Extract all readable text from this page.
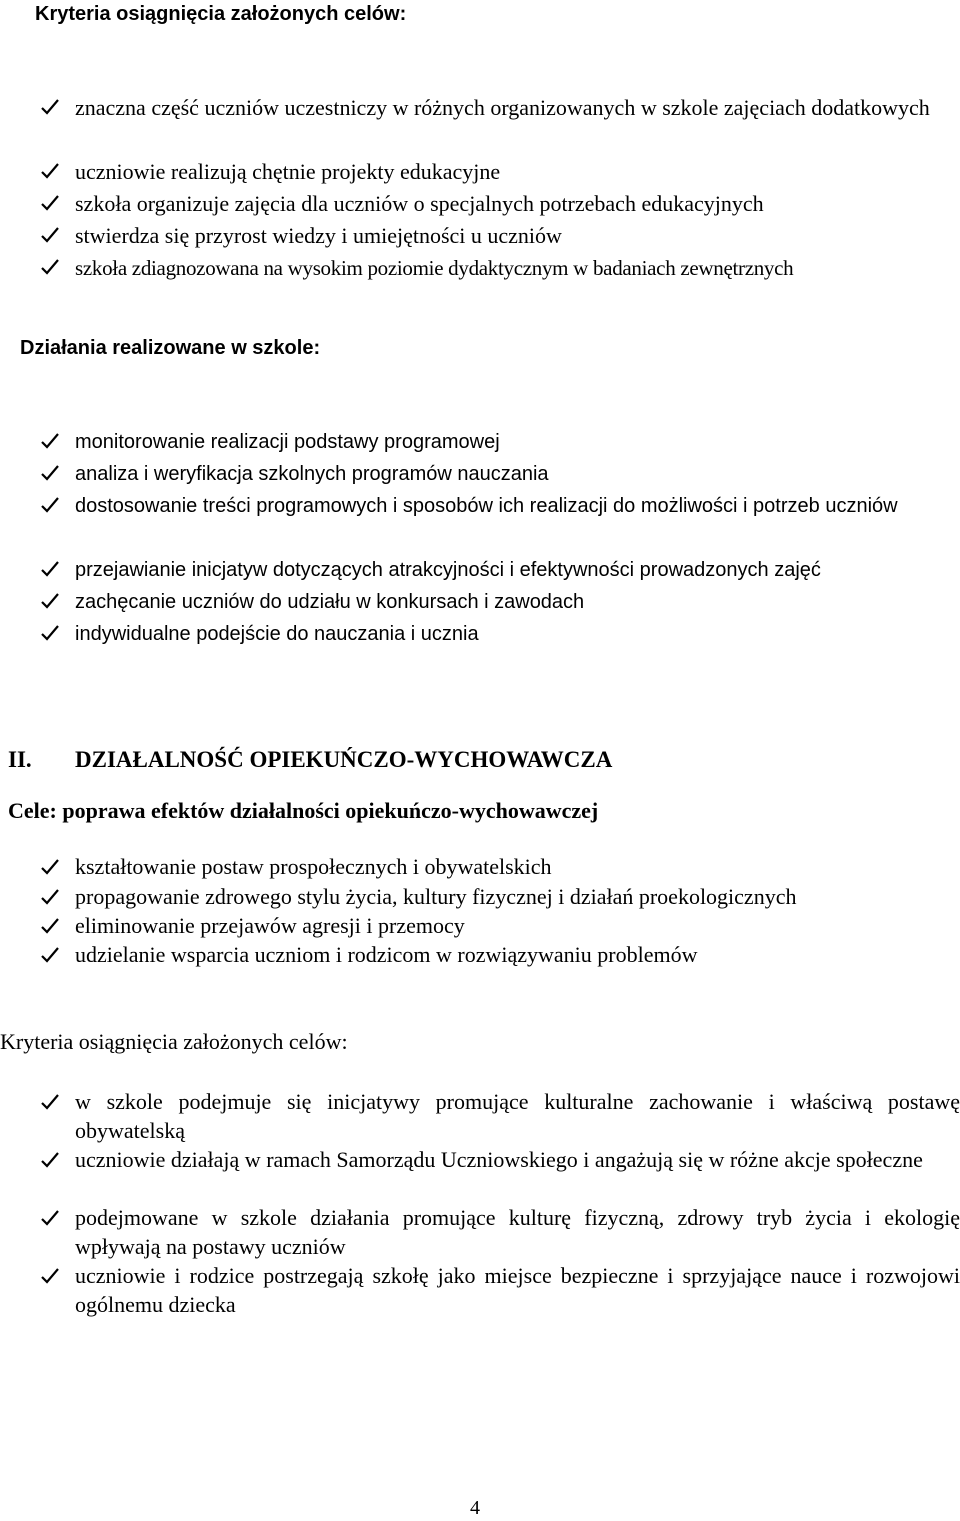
Kryteria osiągnięcia założonych celów:
znaczna część uczniów uczestniczy w różnych organizowanych w szkole zajęciach dodatkowych
uczniowie realizują chętnie projekty edukacyjne
szkoła organizuje zajęcia dla uczniów o specjalnych potrzebach edukacyjnych
stwierdza się przyrost wiedzy i umiejętności u uczniów
szkoła zdiagnozowana na wysokim poziomie dydaktycznym w badaniach zewnętrznych
Działania realizowane w szkole:
monitorowanie realizacji podstawy programowej
analiza i weryfikacja szkolnych programów nauczania
dostosowanie treści programowych i sposobów ich realizacji do możliwości i potrzeb uczniów
przejawianie inicjatyw dotyczących atrakcyjności i efektywności prowadzonych zajęć
zachęcanie uczniów do udziału w konkursach i zawodach
indywidualne podejście do nauczania i ucznia
II. DZIAŁALNOŚĆ OPIEKUŃCZO-WYCHOWAWCZA
Cele: poprawa efektów działalności opiekuńczo-wychowawczej
kształtowanie postaw prospołecznych i obywatelskich
propagowanie zdrowego stylu życia, kultury fizycznej i działań proekologicznych
eliminowanie przejawów agresji i przemocy
udzielanie wsparcia uczniom i rodzicom w rozwiązywaniu problemów
Kryteria osiągnięcia założonych celów:
w szkole podejmuje się inicjatywy promujące kulturalne zachowanie i właściwą postawę obywatelską
uczniowie działają w ramach Samorządu Uczniowskiego i angażują się w różne akcje społeczne
podejmowane w szkole działania promujące kulturę fizyczną, zdrowy tryb życia i ekologię wpływają na postawy uczniów
uczniowie i rodzice postrzegają szkołę jako miejsce bezpieczne i sprzyjające nauce i rozwojowi ogólnemu dziecka
4
